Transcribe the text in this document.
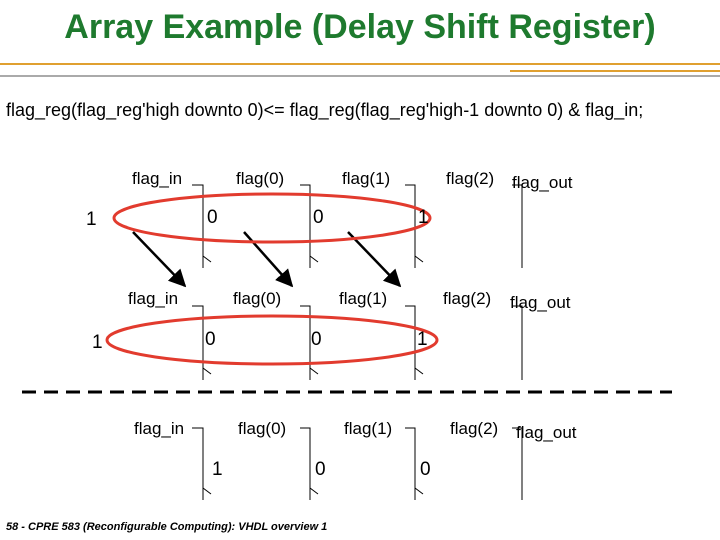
Array Example (Delay Shift Register)
flag_reg(flag_reg'high downto 0)<= flag_reg(flag_reg'high-1 downto 0) & flag_in;
flag_in	flag(0)	flag(1)	flag(2) flag_out
1	0	0	1
flag_in	flag(0)	flag(1)	flag(2) flag_out
1	0	0	1
flag_in	flag(0)	flag(1)	flag(2) flag_out
1	0	0
58 - CPRE 583 (Reconfigurable Computing): VHDL overview 1	Iowa State University
